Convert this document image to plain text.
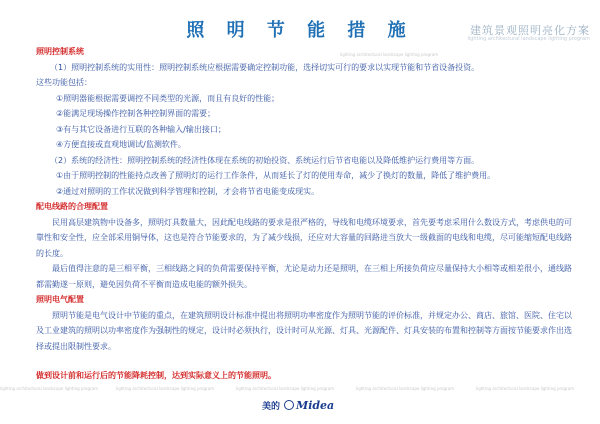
照 明 节 能 措 施	建筑景观照明亮化方案
lighting architectural landscape lighting program
lighting architectural landscape lighting program

照明控制系统

（1）照明控制系统的实用性：照明控制系统应根据需要确定控制功能，选择切实可行的要求以实现节能和节省设备投资。

这些功能包括：

①照明器能根据需要调控不同类型的光源，而且有良好的性能；

②能满足现场操作控制各种控制界面的需要；

③有与其它设备进行互联的各种输入/输出接口；

④方便直接或直观地调试/监测软件。

（2）系统的经济性：照明控制系统的经济性体现在系统的初始投资、系统运行后节省电能以及降低维护运行费用等方面。

①由于照明控制的性能持点改善了照明灯的运行工作条件，从而延长了灯的使用寿命，减少了换灯的数量，降低了维护费用。

②通过对照明的工作状况做到科学管理和控制，才会将节省电能变成现实。

配电线路的合理配置

民用高层建筑物中设备多，照明灯具数量大，因此配电线路的要求是很严格的，导线和电缆环境要求，首先要考虑采用什么数设方式，考虑供电的可靠性和安全性，应全部采用铜导体，这也是符合节能要求的，为了减少线损，还应对大容量的回路进当放大一级截面的电线和电缆，尽可能缩短配电线路的长度。

最后值得注意的是三相平衡，三相线路之间的负荷需要保持平衡，尤论是动力还是照明，在三相上所接负荷应尽量保持大小相等或相差很小，通线路都需勤遂一原则，避免因负荷不平衡而造成电能的额外损失。

照明电气配置

照明节能是电气设计中节能的重点，在建筑照明设计标准中提出将照明功率密度作为照明节能的评价标准，并规定办公、商店、旅馆、医院、住宅以及工业建筑的照明以功率密度作为强制性的规定，设计时必须执行，设计时可从光源、灯具、光源配件、灯具安装的布置和控制等方面按节能要求作出选择或提出限制性要求。

做到设计前和运行后的节能降耗控制，达到实际意义上的节能照明。
lighting architectural landscape lighting program	lighting architectural landscape lighting program	lighting architectural landscape lighting program	lighting architectural landscape lighting program	lighting architectural landscape lighting program
美的 Midea
